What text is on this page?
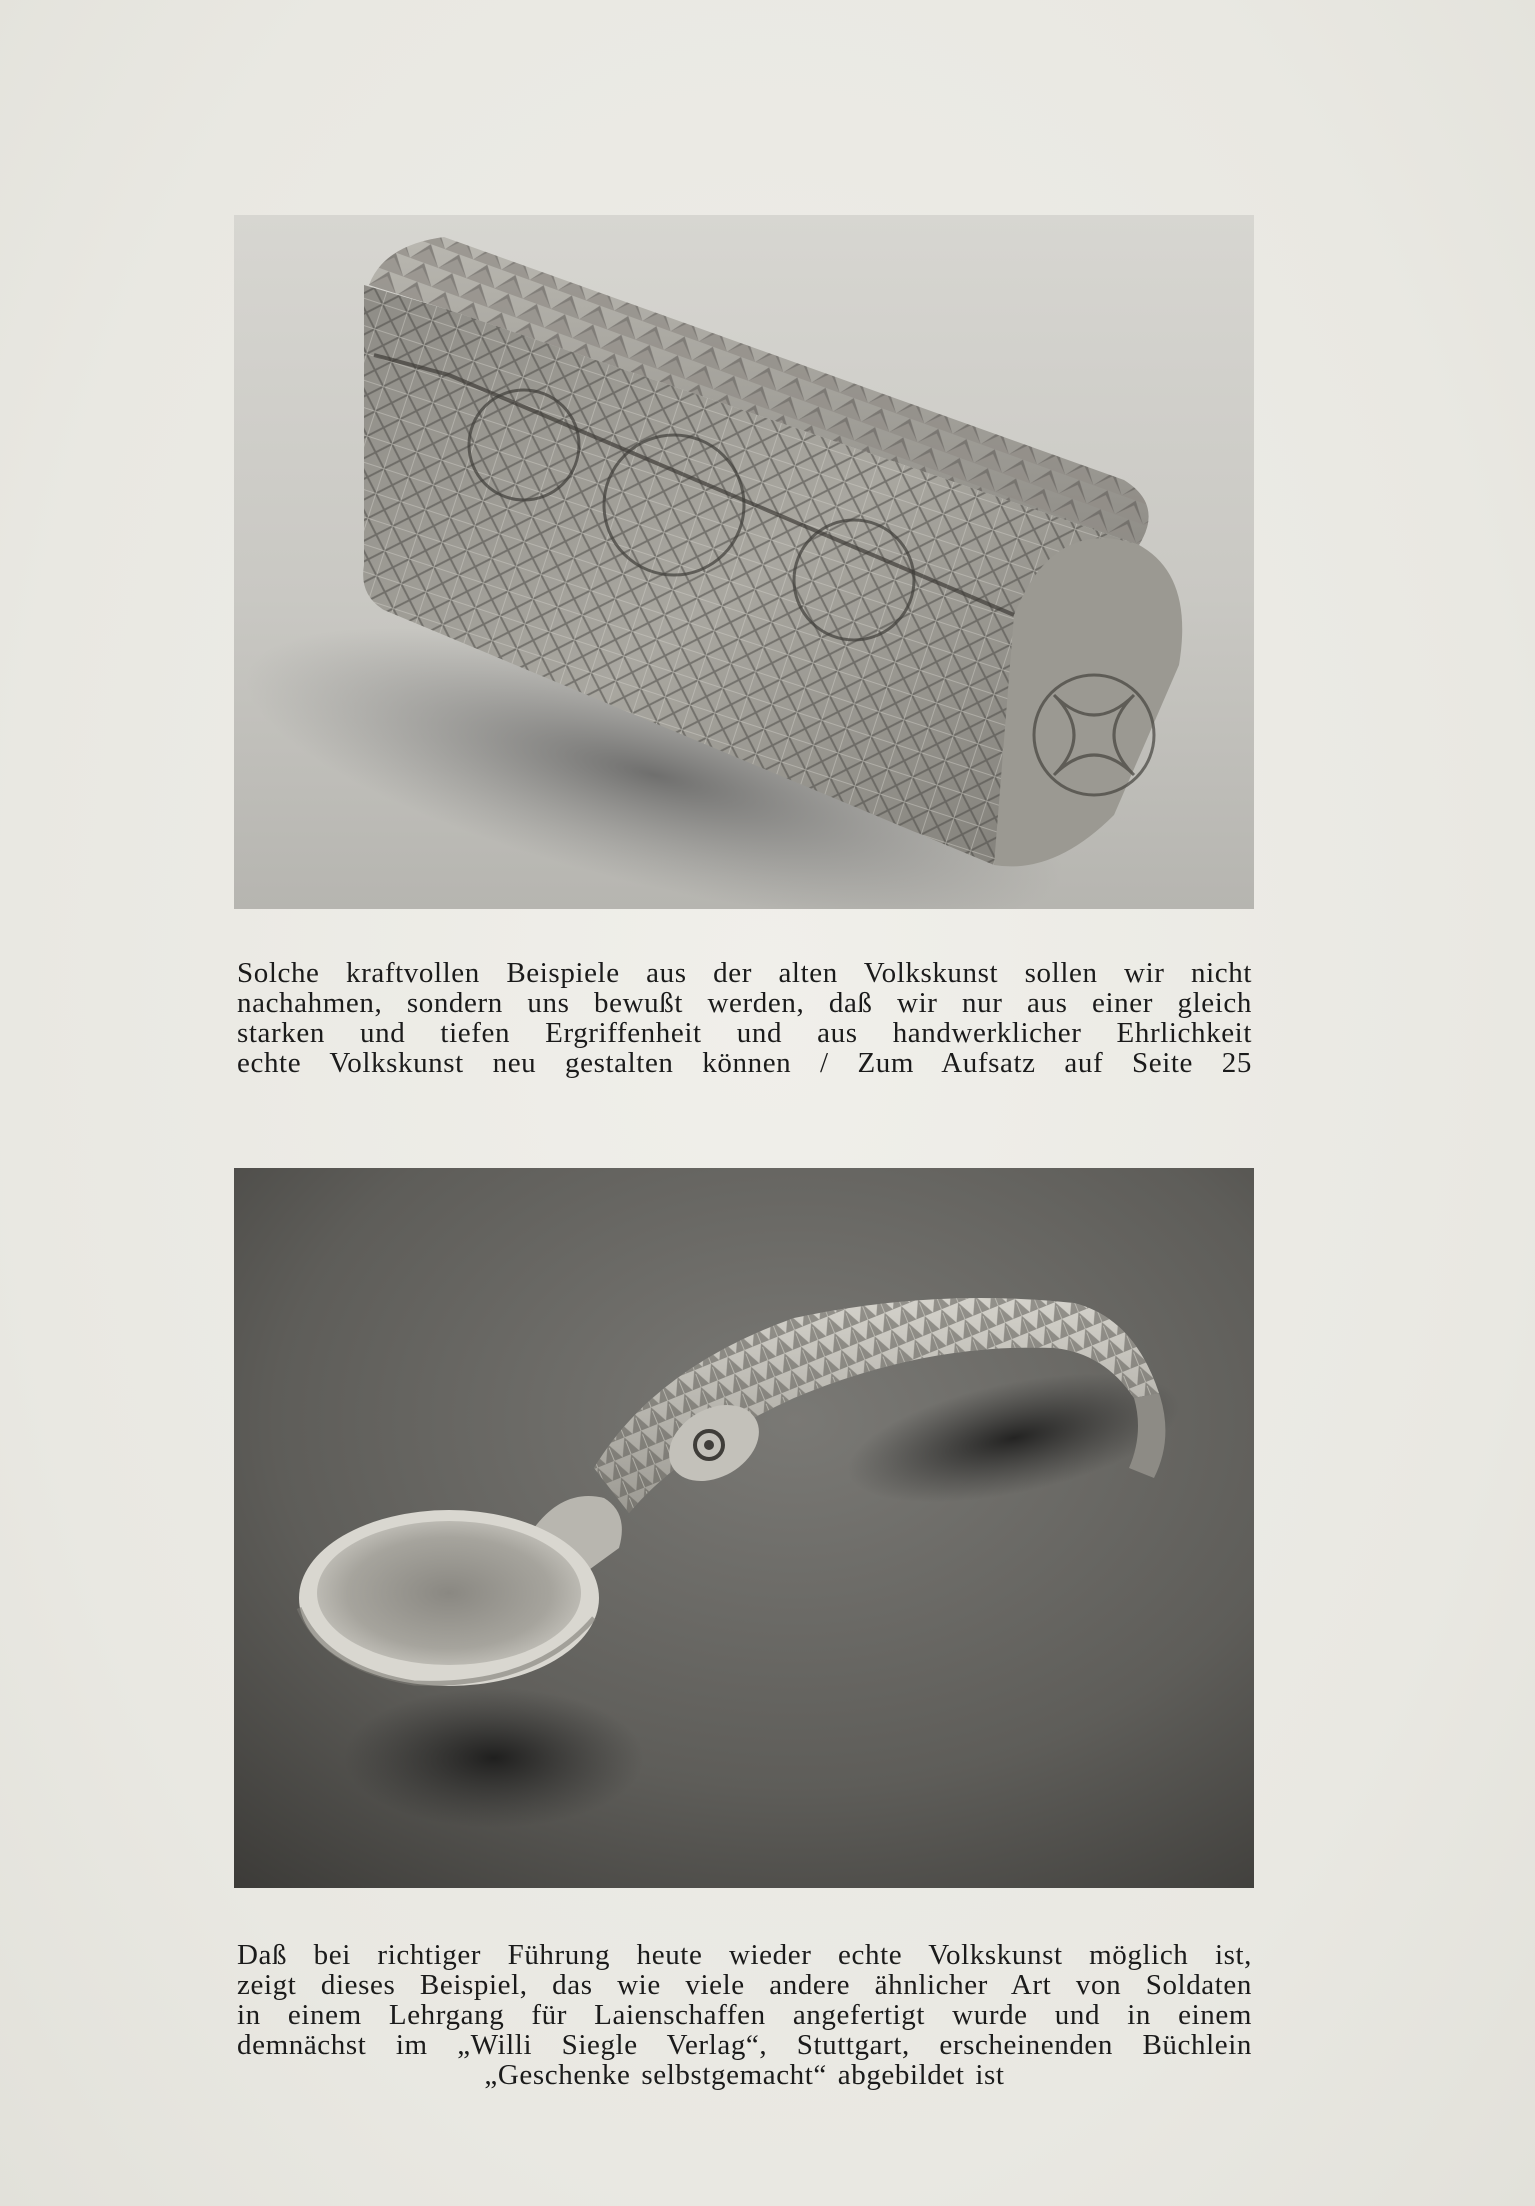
Solche kraftvollen Beispiele aus der alten Volkskunst sollen wir nicht
nachahmen, sondern uns bewußt werden, daß wir nur aus einer gleich
starken und tiefen Ergriffenheit und aus handwerklicher Ehrlichkeit
echte Volkskunst neu gestalten können / Zum Aufsatz auf Seite 25
Daß bei richtiger Führung heute wieder echte Volkskunst möglich ist,
zeigt dieses Beispiel, das wie viele andere ähnlicher Art von Soldaten
in einem Lehrgang für Laienschaffen angefertigt wurde und in einem
demnächst im „Willi Siegle Verlag“, Stuttgart, erscheinenden Büchlein
„Geschenke selbstgemacht“ abgebildet ist
